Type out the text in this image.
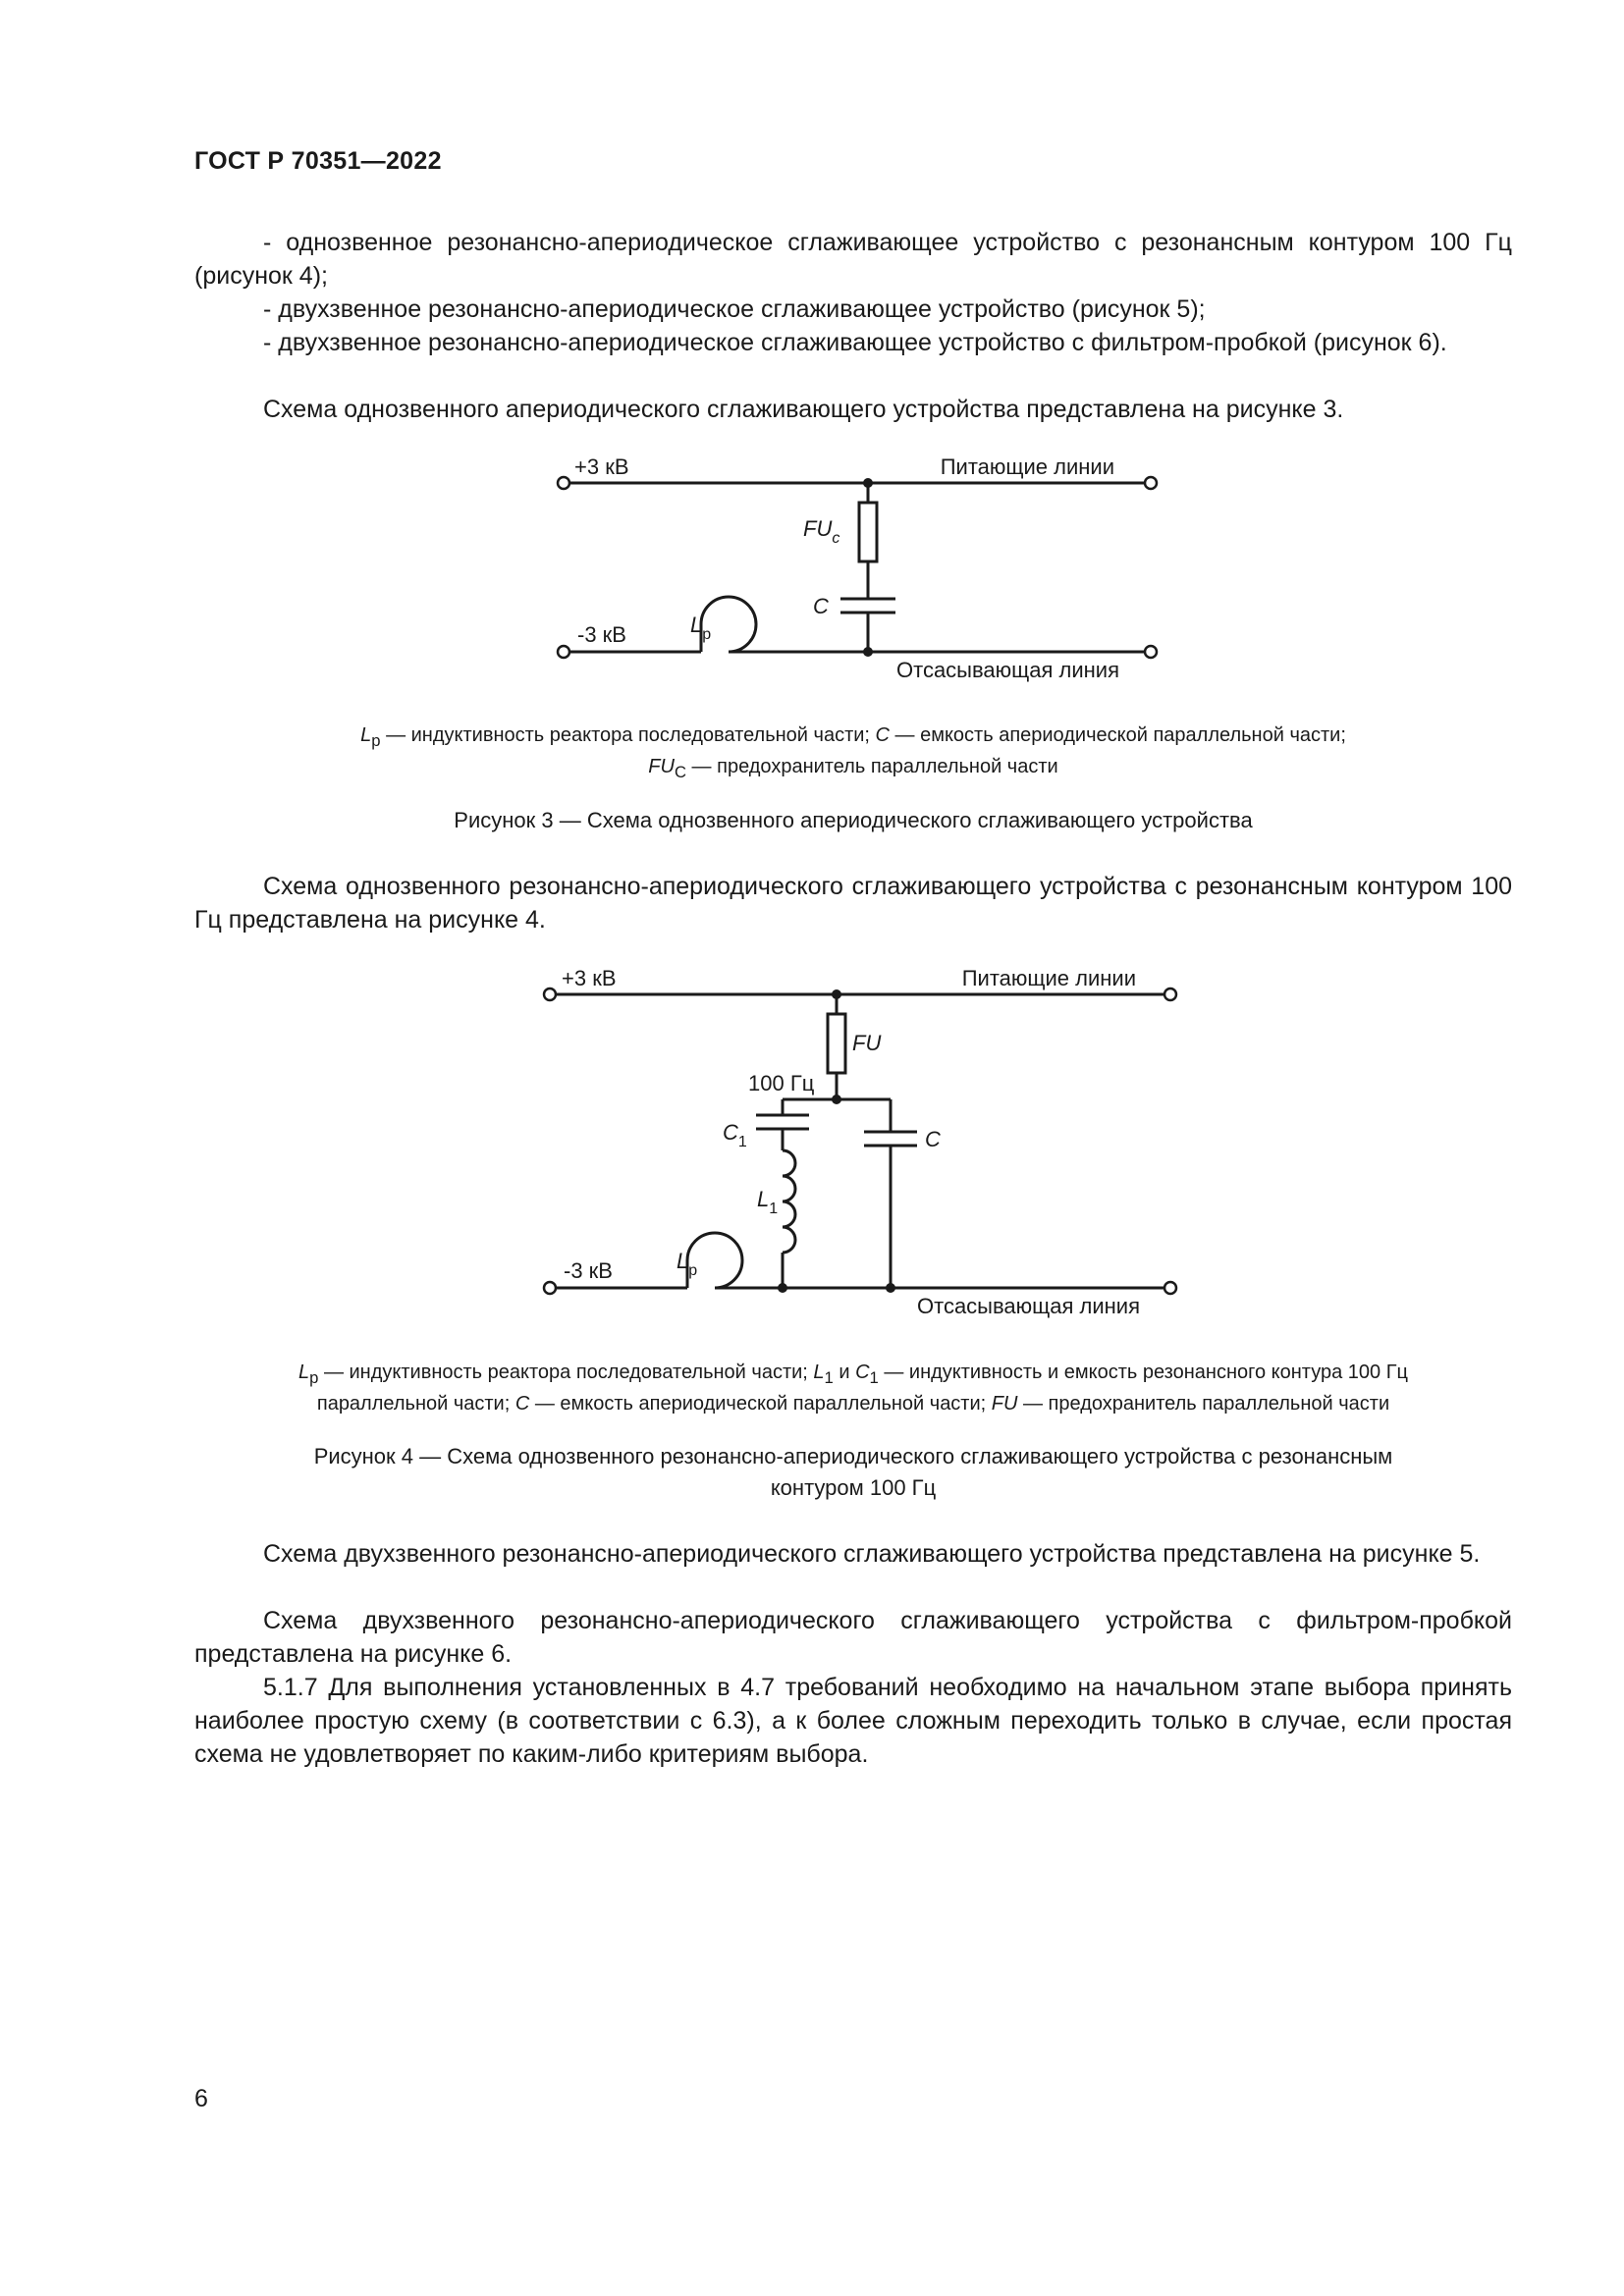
ГОСТ Р 70351—2022

- однозвенное резонансно-апериодическое сглаживающее устройство с резонансным контуром 100 Гц (рисунок 4);

- двухзвенное резонансно-апериодическое сглаживающее устройство (рисунок 5);

- двухзвенное резонансно-апериодическое сглаживающее устройство с фильтром-пробкой (рисунок 6).

Схема однозвенного апериодического сглаживающего устройства представлена на рисунке 3.

+3 кВ	Питающие линии
$FU_c$
C
-3 кВ	$L_р$
Отсасывающая линия
$L_р$ — индуктивность реактора последовательной части; C — емкость апериодической параллельной части;
$FU_C$ — предохранитель параллельной части
Рисунок 3 — Схема однозвенного апериодического сглаживающего устройства

Схема однозвенного резонансно-апериодического сглаживающего устройства с резонансным контуром 100 Гц представлена на рисунке 4.

+3 кВ	Питающие линии
FU
100 Гц
$C_1$	C
$L_1$
-3 кВ	$L_р$
Отсасывающая линия
$L_р$ — индуктивность реактора последовательной части; $L_1$ и $C_1$ — индуктивность и емкость резонансного контура 100 Гц
параллельной части; C — емкость апериодической параллельной части; FU — предохранитель параллельной части
Рисунок 4 — Схема однозвенного резонансно-апериодического сглаживающего устройства с резонансным
контуром 100 Гц

Схема двухзвенного резонансно-апериодического сглаживающего устройства представлена на рисунке 5.

Схема двухзвенного резонансно-апериодического сглаживающего устройства с фильтром-пробкой представлена на рисунке 6.

5.1.7 Для выполнения установленных в 4.7 требований необходимо на начальном этапе выбора принять наиболее простую схему (в соответствии с 6.3), а к более сложным переходить только в случае, если простая схема не удовлетворяет по каким-либо критериям выбора.

6
